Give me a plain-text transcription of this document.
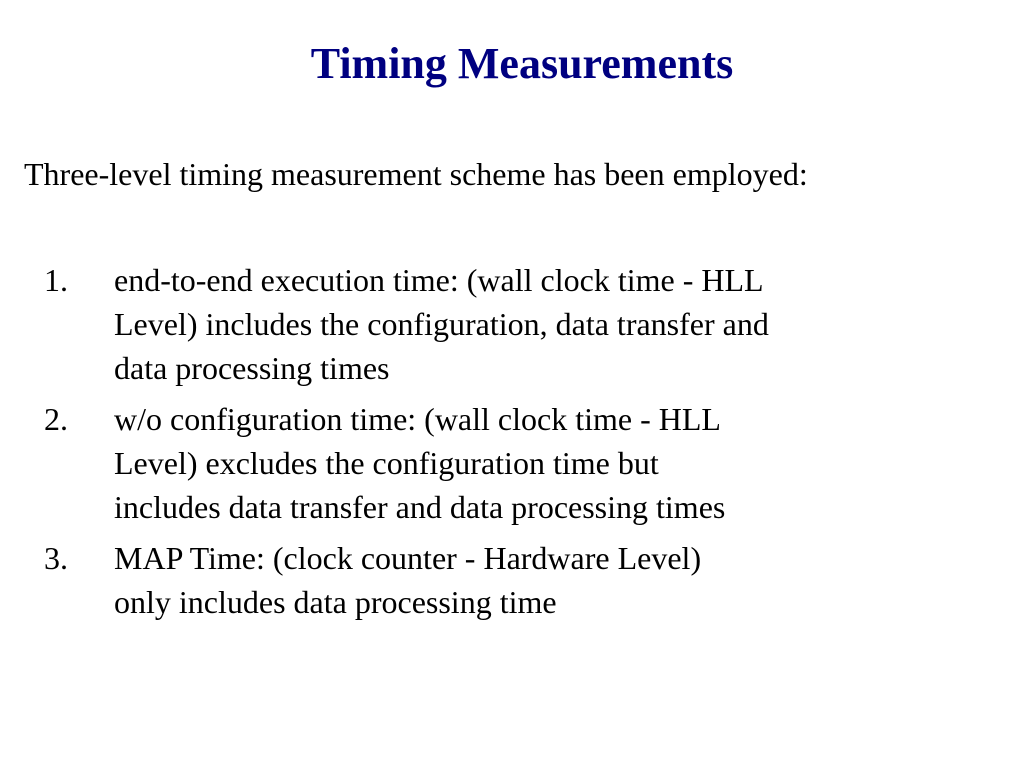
Timing Measurements

Three-level timing measurement scheme has been employed:

1. end-to-end execution time: (wall clock time - HLL
Level) includes the configuration, data transfer and
data processing times
2. w/o configuration time: (wall clock time - HLL
Level) excludes the configuration time but
includes data transfer and data processing times
3. MAP Time: (clock counter - Hardware Level)
only includes data processing time
